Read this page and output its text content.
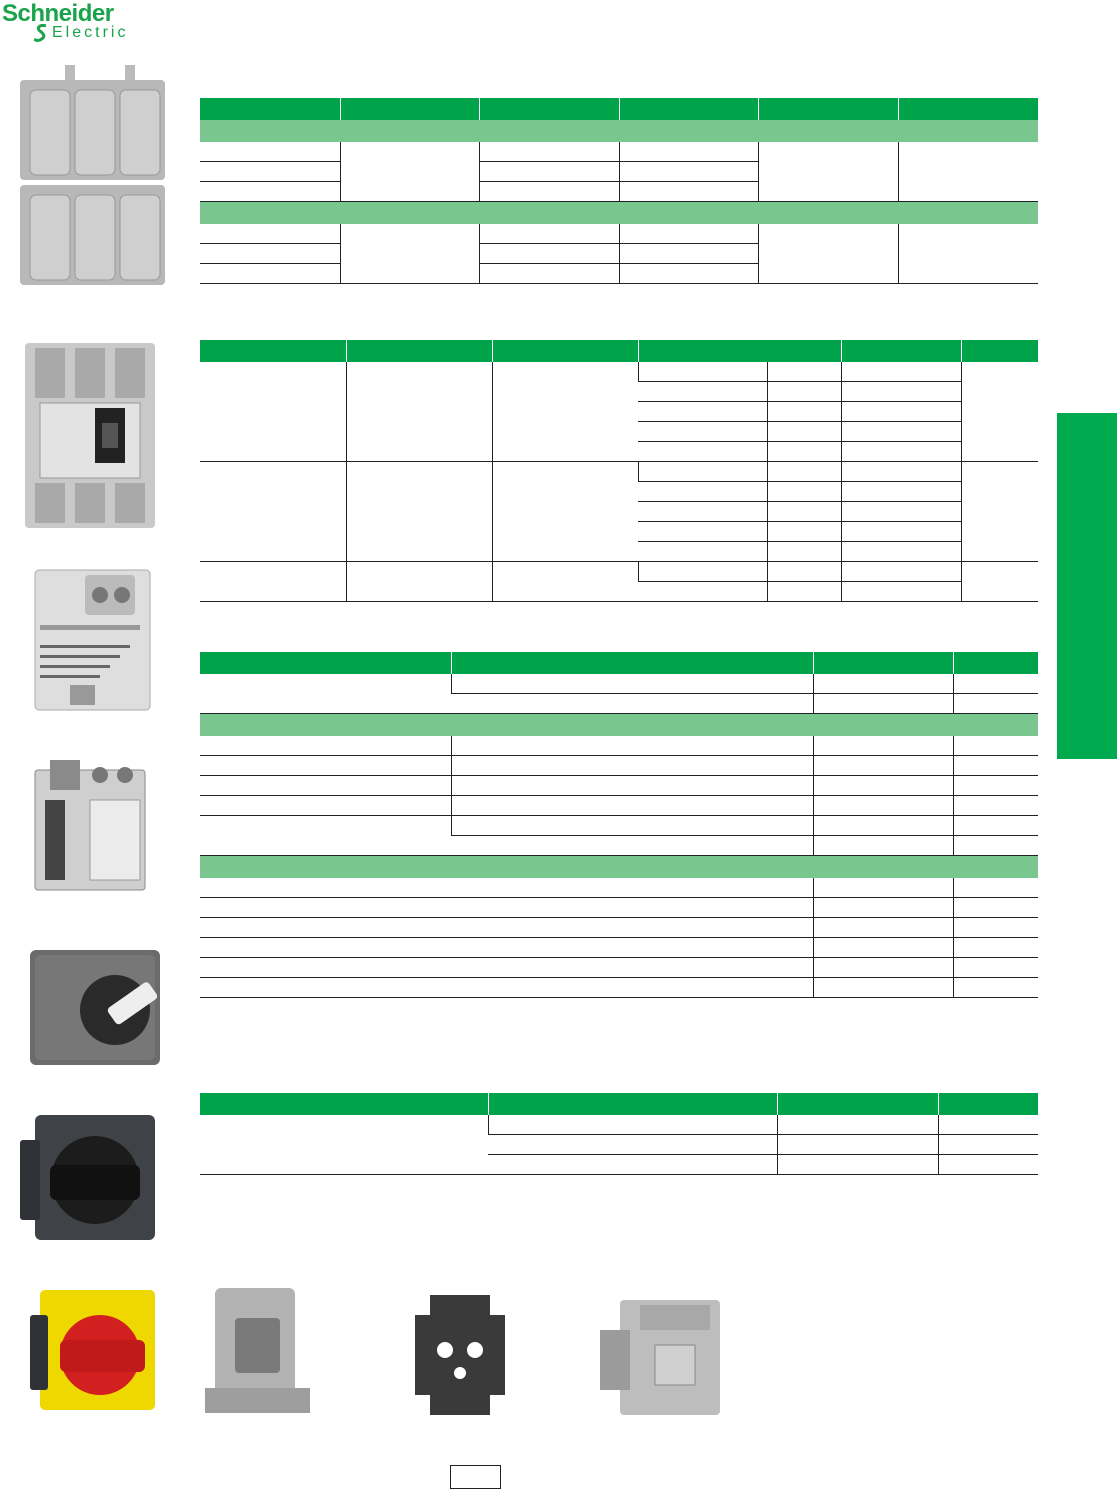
Schneider
Electric
